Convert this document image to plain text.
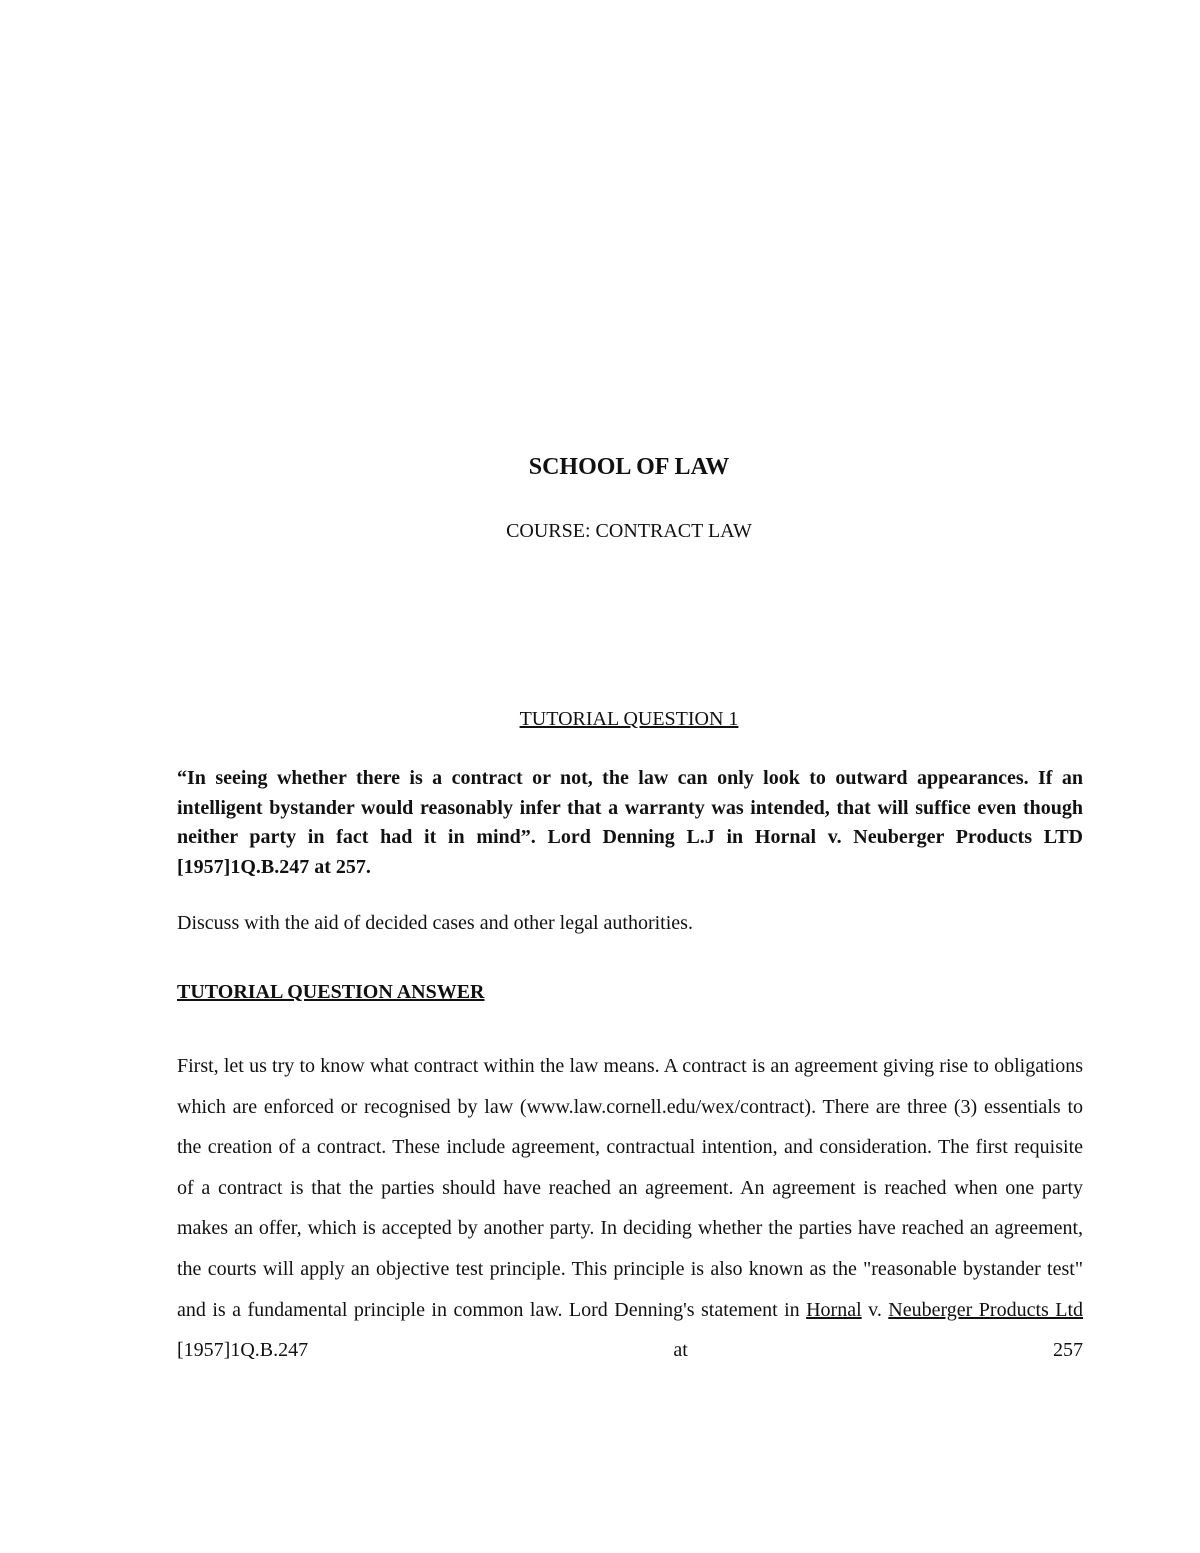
SCHOOL OF LAW

COURSE: CONTRACT LAW

TUTORIAL QUESTION 1

“In seeing whether there is a contract or not, the law can only look to outward appearances. If an intelligent bystander would reasonably infer that a warranty was intended, that will suffice even though neither party in fact had it in mind”. Lord Denning L.J in Hornal v. Neuberger Products LTD [1957]1Q.B.247 at 257.

Discuss with the aid of decided cases and other legal authorities.

TUTORIAL QUESTION ANSWER

First, let us try to know what contract within the law means. A contract is an agreement giving rise to obligations which are enforced or recognised by law (www.law.cornell.edu/wex/contract). There are three (3) essentials to the creation of a contract. These include agreement, contractual intention, and consideration. The first requisite of a contract is that the parties should have reached an agreement. An agreement is reached when one party makes an offer, which is accepted by another party. In deciding whether the parties have reached an agreement, the courts will apply an objective test principle. This principle is also known as the "reasonable bystander test" and is a fundamental principle in common law. Lord Denning's statement in Hornal v. Neuberger Products Ltd [1957]1Q.B.247 at 257
